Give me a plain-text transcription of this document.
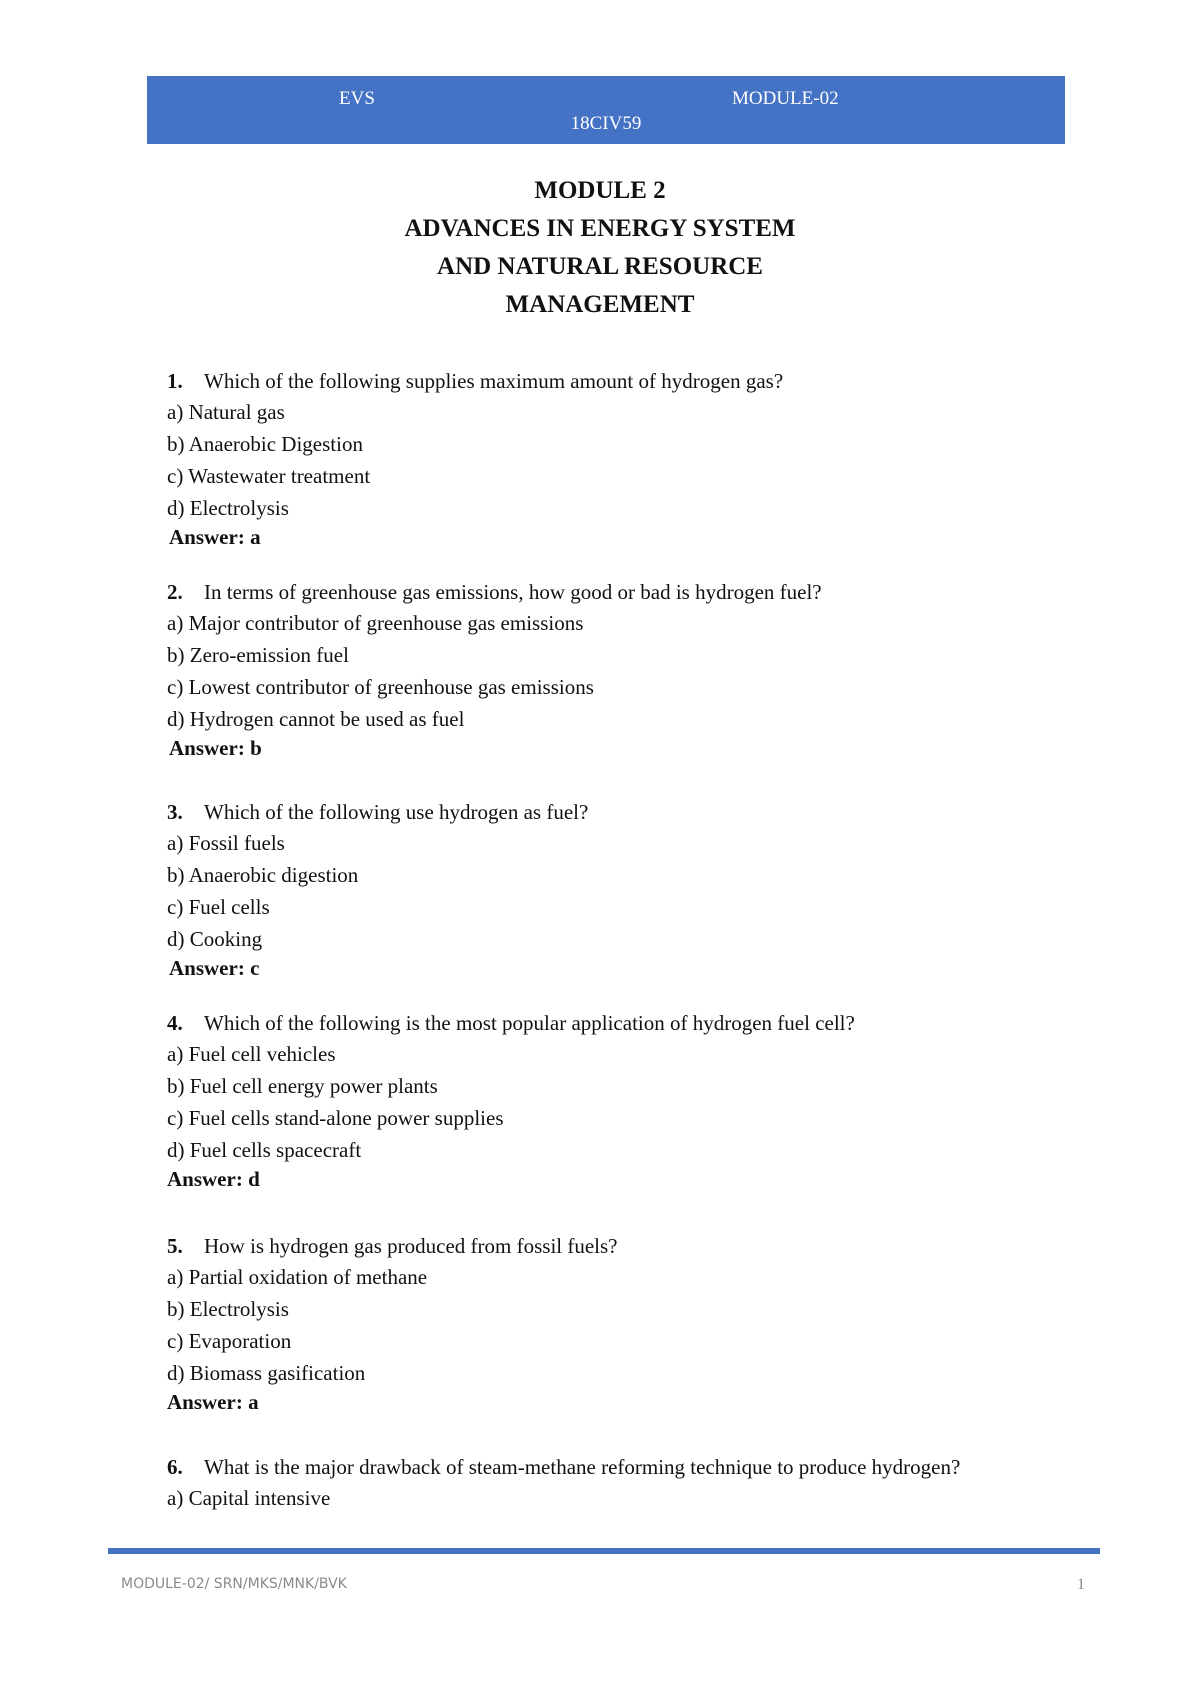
EVS	MODULE-02
18CIV59
MODULE 2
ADVANCES IN ENERGY SYSTEM
AND NATURAL RESOURCE
MANAGEMENT
1. Which of the following supplies maximum amount of hydrogen gas?
a) Natural gas
b) Anaerobic Digestion
c) Wastewater treatment
d) Electrolysis
Answer: a
2. In terms of greenhouse gas emissions, how good or bad is hydrogen fuel?
a) Major contributor of greenhouse gas emissions
b) Zero-emission fuel
c) Lowest contributor of greenhouse gas emissions
d) Hydrogen cannot be used as fuel
Answer: b
3. Which of the following use hydrogen as fuel?
a) Fossil fuels
b) Anaerobic digestion
c) Fuel cells
d) Cooking
Answer: c
4. Which of the following is the most popular application of hydrogen fuel cell?
a) Fuel cell vehicles
b) Fuel cell energy power plants
c) Fuel cells stand-alone power supplies
d) Fuel cells spacecraft
Answer: d
5. How is hydrogen gas produced from fossil fuels?
a) Partial oxidation of methane
b) Electrolysis
c) Evaporation
d) Biomass gasification
Answer: a
6. What is the major drawback of steam-methane reforming technique to produce hydrogen?
a) Capital intensive
MODULE-02/ SRN/MKS/MNK/BVK	1
